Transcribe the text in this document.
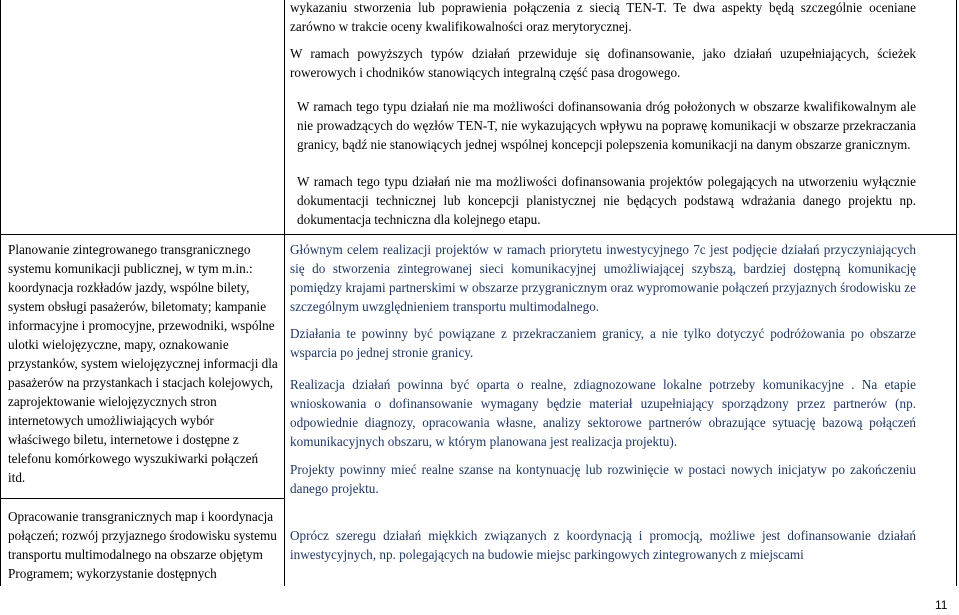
wykazaniu stworzenia lub poprawienia połączenia z siecią TEN-T. Te dwa aspekty będą szczególnie oceniane zarówno w trakcie oceny kwalifikowalności oraz merytorycznej.

W ramach powyższych typów działań przewiduje się dofinansowanie, jako działań uzupełniających, ścieżek rowerowych i chodników stanowiących integralną część pasa drogowego.

W ramach tego typu działań nie ma możliwości dofinansowania dróg położonych w obszarze kwalifikowalnym ale nie prowadzących do węzłów TEN-T, nie wykazujących wpływu na poprawę komunikacji w obszarze przekraczania granicy, bądź nie stanowiących jednej wspólnej koncepcji polepszenia komunikacji na danym obszarze granicznym.

W ramach tego typu działań nie ma możliwości dofinansowania projektów polegających na utworzeniu wyłącznie dokumentacji technicznej lub koncepcji planistycznej nie będących podstawą wdrażania danego projektu np. dokumentacja techniczna dla kolejnego etapu.

Planowanie zintegrowanego transgranicznego systemu komunikacji publicznej, w tym m.in.: koordynacja rozkładów jazdy, wspólne bilety, system obsługi pasażerów, biletomaty; kampanie informacyjne i promocyjne, przewodniki, wspólne ulotki wielojęzyczne, mapy, oznakowanie przystanków, system wielojęzycznej informacji dla pasażerów na przystankach i stacjach kolejowych, zaprojektowanie wielojęzycznych stron internetowych umożliwiających wybór właściwego biletu, internetowe i dostępne z telefonu komórkowego wyszukiwarki połączeń itd.

Opracowanie transgranicznych map i koordynacja połączeń; rozwój przyjaznego środowisku systemu transportu multimodalnego na obszarze objętym Programem; wykorzystanie dostępnych

Głównym celem realizacji projektów w ramach priorytetu inwestycyjnego 7c jest podjęcie działań przyczyniających się do stworzenia zintegrowanej sieci komunikacyjnej umożliwiającej szybszą, bardziej dostępną komunikację pomiędzy krajami partnerskimi w obszarze przygranicznym oraz wypromowanie połączeń przyjaznych środowisku ze szczególnym uwzględnieniem transportu multimodalnego.

Działania te powinny być powiązane z przekraczaniem granicy, a nie tylko dotyczyć podróżowania po obszarze wsparcia po jednej stronie granicy.

Realizacja działań powinna być oparta o realne, zdiagnozowane lokalne potrzeby komunikacyjne . Na etapie wnioskowania o dofinansowanie wymagany będzie materiał uzupełniający sporządzony przez partnerów (np. odpowiednie diagnozy, opracowania własne, analizy sektorowe partnerów obrazujące sytuację bazową połączeń komunikacyjnych obszaru, w którym planowana jest realizacja projektu).

Projekty powinny mieć realne szanse na kontynuację lub rozwinięcie w postaci nowych inicjatyw po zakończeniu danego projektu.

Oprócz szeregu działań miękkich związanych z koordynacją i promocją, możliwe jest dofinansowanie działań inwestycyjnych, np. polegających na budowie miejsc parkingowych zintegrowanych z miejscami

11
